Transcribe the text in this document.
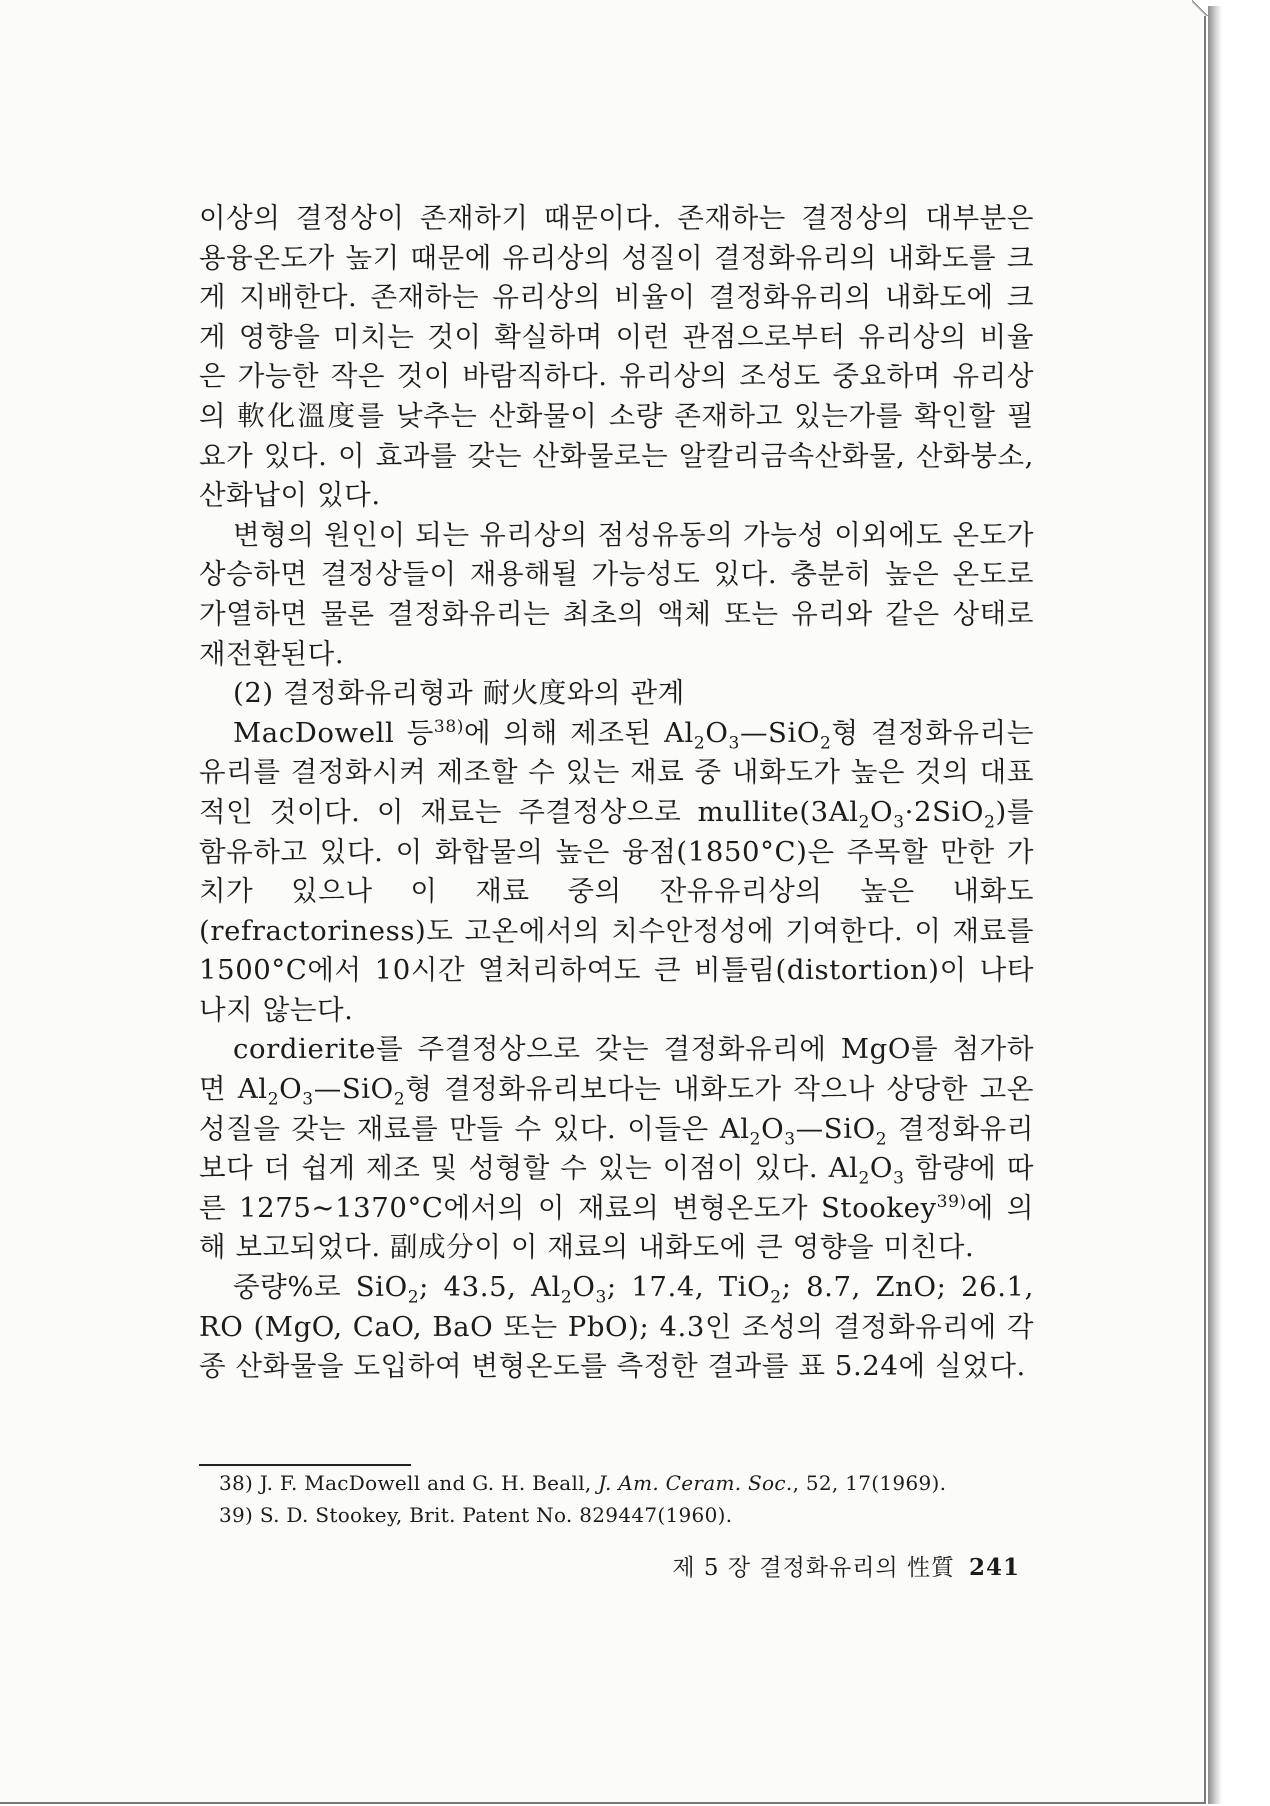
이상의 결정상이 존재하기 때문이다. 존재하는 결정상의 대부분은 용융온도가 높기 때문에 유리상의 성질이 결정화유리의 내화도를 크게 지배한다. 존재하는 유리상의 비율이 결정화유리의 내화도에 크게 영향을 미치는 것이 확실하며 이런 관점으로부터 유리상의 비율은 가능한 작은 것이 바람직하다. 유리상의 조성도 중요하며 유리상의 軟化溫度를 낮추는 산화물이 소량 존재하고 있는가를 확인할 필요가 있다. 이 효과를 갖는 산화물로는 알칼리금속산화물, 산화붕소, 산화납이 있다.

변형의 원인이 되는 유리상의 점성유동의 가능성 이외에도 온도가 상승하면 결정상들이 재용해될 가능성도 있다. 충분히 높은 온도로 가열하면 물론 결정화유리는 최초의 액체 또는 유리와 같은 상태로 재전환된다.

(2) 결정화유리형과 耐火度와의 관계

MacDowell 등$^{38)}$에 의해 제조된 $Al_2O_3—SiO_2$형 결정화유리는 유리를 결정화시켜 제조할 수 있는 재료 중 내화도가 높은 것의 대표적인 것이다. 이 재료는 주결정상으로 $mullite(3Al_2O_3\cdot 2SiO_2)$를 함유하고 있다. 이 화합물의 높은 융점(1850°C)은 주목할 만한 가치가 있으나 이 재료 중의 잔유유리상의 높은 내화도(refractoriness)도 고온에서의 치수안정성에 기여한다. 이 재료를 1500°C에서 10시간 열처리하여도 큰 비틀림(distortion)이 나타나지 않는다.

cordierite를 주결정상으로 갖는 결정화유리에 MgO를 첨가하면 $Al_2O_3—SiO_2$형 결정화유리보다는 내화도가 작으나 상당한 고온성질을 갖는 재료를 만들 수 있다. 이들은 $Al_2O_3—SiO_2$ 결정화유리보다 더 쉽게 제조 및 성형할 수 있는 이점이 있다. $Al_2O_3$ 함량에 따른 1275∼1370°C에서의 이 재료의 변형온도가 Stookey$^{39)}$에 의해 보고되었다. 副成分이 이 재료의 내화도에 큰 영향을 미친다.

중량%로 SiO$_2$; 43.5, $Al_2O_3$; 17.4, TiO$_2$; 8.7, ZnO; 26.1, RO (MgO, CaO, BaO 또는 PbO); 4.3인 조성의 결정화유리에 각종 산화물을 도입하여 변형온도를 측정한 결과를 표 5.24에 실었다.

38) J. F. MacDowell and G. H. Beall, J. Am. Ceram. Soc., 52, 17(1969).

39) S. D. Stookey, Brit. Patent No. 829447(1960).

제 5 장 결정화유리의 性質 241
